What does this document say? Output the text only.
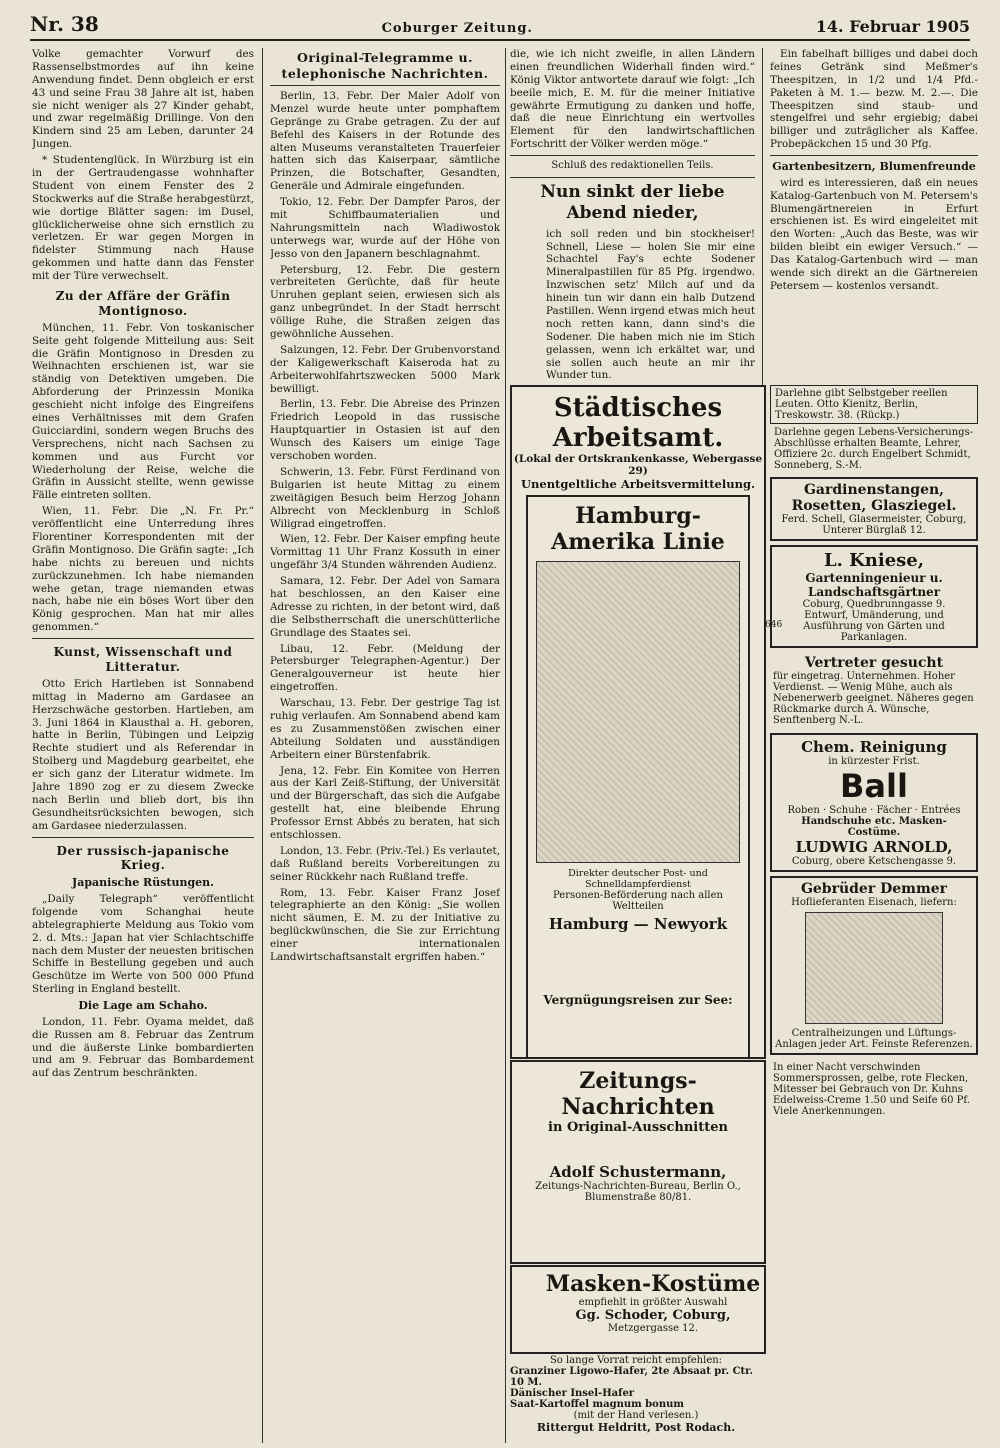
Nr. 38	Coburger Zeitung.	14. Februar 1905

Volke gemachter Vorwurf des Rassenselbstmordes auf ihn keine Anwendung findet. Denn obgleich er erst 43 und seine Frau 38 Jahre alt ist, haben sie nicht weniger als 27 Kinder gehabt, und zwar regelmäßig Drillinge. Von den Kindern sind 25 am Leben, darunter 24 Jungen.

* Studentenglück. In Würzburg ist ein in der Gertraudengasse wohnhafter Student von einem Fenster des 2 Stockwerks auf die Straße herabgestürzt, wie dortige Blätter sagen: im Dusel, glücklicherweise ohne sich ernstlich zu verletzen. Er war gegen Morgen in fidelster Stimmung nach Hause gekommen und hatte dann das Fenster mit der Türe verwechselt.

Zu der Affäre der Gräfin Montignoso.

München, 11. Febr. Von toskanischer Seite geht folgende Mitteilung aus: Seit die Gräfin Montignoso in Dresden zu Weihnachten erschienen ist, war sie ständig von Detektiven umgeben. Die Abforderung der Prinzessin Monika geschieht nicht infolge des Eingreifens eines Verhältnisses mit dem Grafen Guicciardini, sondern wegen Bruchs des Versprechens, nicht nach Sachsen zu kommen und aus Furcht vor Wiederholung der Reise, welche die Gräfin in Aussicht stellte, wenn gewisse Fälle eintreten sollten.

Wien, 11. Febr. Die „N. Fr. Pr.“ veröffentlicht eine Unterredung ihres Florentiner Korrespondenten mit der Gräfin Montignoso. Die Gräfin sagte: „Ich habe nichts zu bereuen und nichts zurückzunehmen. Ich habe niemanden wehe getan, trage niemanden etwas nach, habe nie ein böses Wort über den König gesprochen. Man hat mir alles genommen.“

Kunst, Wissenschaft und Litteratur.

Otto Erich Hartleben ist Sonnabend mittag in Maderno am Gardasee an Herzschwäche gestorben. Hartleben, am 3. Juni 1864 in Klausthal a. H. geboren, hatte in Berlin, Tübingen und Leipzig Rechte studiert und als Referendar in Stolberg und Magdeburg gearbeitet, ehe er sich ganz der Literatur widmete. Im Jahre 1890 zog er zu diesem Zwecke nach Berlin und blieb dort, bis ihn Gesundheitsrücksichten bewogen, sich am Gardasee niederzulassen.

Der russisch-japanische Krieg.
Japanische Rüstungen.

„Daily Telegraph“ veröffentlicht folgende vom Schanghai heute abtelegraphierte Meldung aus Tokio vom 2. d. Mts.: Japan hat vier Schlachtschiffe nach dem Muster der neuesten britischen Schiffe in Bestellung gegeben und auch Geschütze im Werte von 500 000 Pfund Sterling in England bestellt.

Die Lage am Schaho.

London, 11. Febr. Oyama meldet, daß die Russen am 8. Februar das Zentrum und die äußerste Linke bombardierten und am 9. Februar das Bombardement auf das Zentrum beschränkten.

Original-Telegramme u. telephonische Nachrichten.

Berlin, 13. Febr. Der Maler Adolf von Menzel wurde heute unter pomphaftem Gepränge zu Grabe getragen. Zu der auf Befehl des Kaisers in der Rotunde des alten Museums veranstalteten Trauerfeier hatten sich das Kaiserpaar, sämtliche Prinzen, die Botschafter, Gesandten, Generäle und Admirale eingefunden.

Tokio, 12. Febr. Der Dampfer Paros, der mit Schiffbaumaterialien und Nahrungsmitteln nach Wladiwostok unterwegs war, wurde auf der Höhe von Jesso von den Japanern beschlagnahmt.

Petersburg, 12. Febr. Die gestern verbreiteten Gerüchte, daß für heute Unruhen geplant seien, erwiesen sich als ganz unbegründet. In der Stadt herrscht völlige Ruhe, die Straßen zeigen das gewöhnliche Aussehen.

Salzungen, 12. Febr. Der Grubenvorstand der Kaligewerkschaft Kaiseroda hat zu Arbeiterwohlfahrtszwecken 5000 Mark bewilligt.

Berlin, 13. Febr. Die Abreise des Prinzen Friedrich Leopold in das russische Hauptquartier in Ostasien ist auf den Wunsch des Kaisers um einige Tage verschoben worden.

Schwerin, 13. Febr. Fürst Ferdinand von Bulgarien ist heute Mittag zu einem zweitägigen Besuch beim Herzog Johann Albrecht von Mecklenburg in Schloß Wiligrad eingetroffen.

Wien, 12. Febr. Der Kaiser empfing heute Vormittag 11 Uhr Franz Kossuth in einer ungefähr 3/4 Stunden währenden Audienz.

Samara, 12. Febr. Der Adel von Samara hat beschlossen, an den Kaiser eine Adresse zu richten, in der betont wird, daß die Selbstherrschaft die unerschütterliche Grundlage des Staates sei.

Libau, 12. Febr. (Meldung der Petersburger Telegraphen-Agentur.) Der Generalgouverneur ist heute hier eingetroffen.

Warschau, 13. Febr. Der gestrige Tag ist ruhig verlaufen. Am Sonnabend abend kam es zu Zusammenstößen zwischen einer Abteilung Soldaten und ausständigen Arbeitern einer Bürstenfabrik.

Jena, 12. Febr. Ein Komitee von Herren aus der Karl Zeiß-Stiftung, der Universität und der Bürgerschaft, das sich die Aufgabe gestellt hat, eine bleibende Ehrung Professor Ernst Abbés zu beraten, hat sich entschlossen.

London, 13. Febr. (Priv.-Tel.) Es verlautet, daß Rußland bereits Vorbereitungen zu seiner Rückkehr nach Rußland treffe.

Rom, 13. Febr. Kaiser Franz Josef telegraphierte an den König: „Sie wollen nicht säumen, E. M. zu der Initiative zu beglückwünschen, die Sie zur Errichtung einer internationalen Landwirtschaftsanstalt ergriffen haben.“

die, wie ich nicht zweifle, in allen Ländern einen freundlichen Widerhall finden wird.“ König Viktor antwortete darauf wie folgt: „Ich beeile mich, E. M. für die meiner Initiative gewährte Ermutigung zu danken und hoffe, daß die neue Einrichtung ein wertvolles Element für den landwirtschaftlichen Fortschritt der Völker werden möge.“

Schluß des redaktionellen Teils.
Nun sinkt der liebe Abend nieder,

ich soll reden und bin stockheiser! Schnell, Liese — holen Sie mir eine Schachtel Fay's echte Sodener Mineralpastillen für 85 Pfg. irgendwo. Inzwischen setz' Milch auf und da hinein tun wir dann ein halb Dutzend Pastillen. Wenn irgend etwas mich heut noch retten kann, dann sind's die Sodener. Die haben mich nie im Stich gelassen, wenn ich erkältet war, und sie sollen auch heute an mir ihr Wunder tun.

Ein fabelhaft billiges und dabei doch feines Getränk sind Meßmer's Theespitzen, in 1/2 und 1/4 Pfd.-Paketen à M. 1.— bezw. M. 2.—. Die Theespitzen sind staub- und stengelfrei und sehr ergiebig; dabei billiger und zuträglicher als Kaffee. Probepäckchen 15 und 30 Pfg.

Gartenbesitzern, Blumenfreunde

wird es interessieren, daß ein neues Katalog-Gartenbuch von M. Petersem's Blumengärtnereien in Erfurt erschienen ist. Es wird eingeleitet mit den Worten: „Auch das Beste, was wir bilden bleibt ein ewiger Versuch.“ — Das Katalog-Gartenbuch wird — man wende sich direkt an die Gärtnereien Petersem — kostenlos versandt.

Städtisches Arbeitsamt.
(Lokal der Ortskrankenkasse, Webergasse 29)
Unentgeltliche Arbeitsvermittelung.
Hamburg-Amerika Linie
Direkter deutscher Post- und Schnelldampferdienst
Personen-Beförderung nach allen Weltteilen
Hamburg — Newyork
Vergnügungsreisen zur See:
Zeitungs-Nachrichten
in Original-Ausschnitten
Adolf Schustermann,
Zeitungs-Nachrichten-Bureau, Berlin O., Blumenstraße 80/81.
Masken-Kostüme
empfiehlt in größter Auswahl
Gg. Schoder, Coburg,
Metzgergasse 12.
So lange Vorrat reicht empfehlen:
Granziner Ligowo-Hafer, 2te Absaat pr. Ctr. 10 M.
Dänischer Insel-Hafer
Saat-Kartoffel magnum bonum
(mit der Hand verlesen.)
Rittergut Heldritt, Post Rodach.
Darlehne gibt Selbstgeber reellen Leuten. Otto Kienitz, Berlin, Treskowstr. 38. (Rückp.)
Darlehne gegen Lebens-Versicherungs-Abschlüsse erhalten Beamte, Lehrer, Offiziere 2c. durch Engelbert Schmidt, Sonneberg, S.-M.
Gardinenstangen, Rosetten, Glasziegel.
Ferd. Schell, Glasermeister, Coburg, Unterer Bürglaß 12.
L. Kniese,
Gartenningenieur u. Landschaftsgärtner
Coburg, Quedbrunngasse 9.
Entwurf, Umänderung, und Ausführung von Gärten und Parkanlagen.
Vertreter gesucht
für eingetrag. Unternehmen. Hoher Verdienst. — Wenig Mühe, auch als Nebenerwerb geeignet. Näheres gegen Rückmarke durch A. Wünsche, Senftenberg N.-L.
Chem. Reinigung
in kürzester Frist.
Ball
Roben · Schuhe · Fächer · Entrées
Handschuhe etc. Masken-Costüme.
LUDWIG ARNOLD,
Coburg, obere Ketschengasse 9.
Gebrüder Demmer
Hoflieferanten Eisenach, liefern:
Centralheizungen und Lüftungs-Anlagen jeder Art. Feinste Referenzen.
In einer Nacht verschwinden Sommersprossen, gelbe, rote Flecken, Mitesser bei Gebrauch von Dr. Kuhns Edelweiss-Creme 1.50 und Seife 60 Pf. Viele Anerkennungen.
646
